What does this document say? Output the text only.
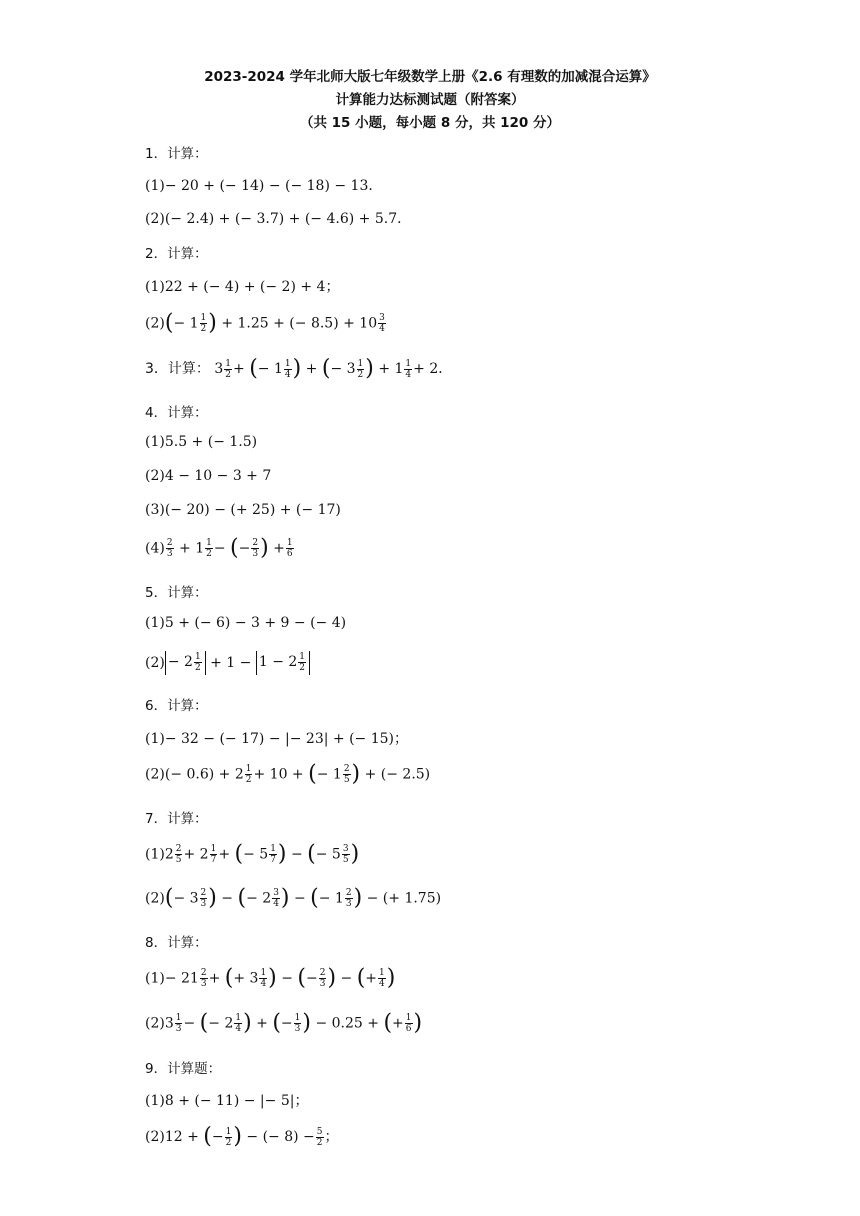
2023-2024 学年北师大版七年级数学上册《2.6 有理数的加减混合运算》
计算能力达标测试题（附答案）
（共 15 小题，每小题 8 分，共 120 分）
1．计算：
(1)− 20 + (− 14) − (− 18) − 13．
(2)(− 2.4) + (− 3.7) + (− 4.6) + 5.7．
2．计算：
(1)22 + (− 4) + (− 2) + 4；
$(2)(- 1 \frac{1}{2}$ ) + 1.25 + (− $8.5) + 10 \frac{3}{4}$
3．计算： $3 \frac{1}{2}$ + (− $1 \frac{1}{4}$ ) + (− $3 \frac{1}{2}$ ) + $1 \frac{1}{4} + 2$．
4．计算：
(1)5.5 + (− 1.5)
(2)4 − 10 − 3 + 7
(3)(− 20) − (+ 25) + (− 17)
$(4) \frac{2}{3} + 1 \frac{1}{2}$ − (− $\frac{2}{3}$ ) + $\frac{1}{6}$
5．计算：
(1)5 + (− 6) − 3 + 9 − (− 4)
$(2) - 2 \frac{1}{2} + 1 - 1 - 2 \frac{1}{2}$
6．计算：
(1)− 32 − (− 17) − |− 23| + (− 15)；
$(2)(- 0.6) + 2 \frac{1}{2} + 10$ + (− $1 \frac{2}{5}$ ) + (− 2.5)
7．计算：
$(1)2 \frac{2}{5} + 2 \frac{1}{7}$ + (− $5 \frac{1}{7}$ ) − (− $5 \frac{3}{5}$ )
$(2)(- 3 \frac{2}{3}$ ) − (− $2 \frac{3}{4}$ ) − (− $1 \frac{2}{3}$ ) − (+ 1.75)
8．计算：
$(1)- 21 \frac{2}{3}$ + (+ $3 \frac{1}{4}$ ) − (− $\frac{2}{3}$ ) − (+ $\frac{1}{4}$ )
$(2)3 \frac{1}{3}$ − (− $2 \frac{1}{4}$ ) + (− $\frac{1}{3}$ ) − 0.25 + (+ $\frac{1}{6}$ )
9．计算题：
(1)8 + (− 11) − |− 5|；
(2)12 + (− $\frac{1}{2}$ ) − (− $8) - \frac{5}{2}$ ；
